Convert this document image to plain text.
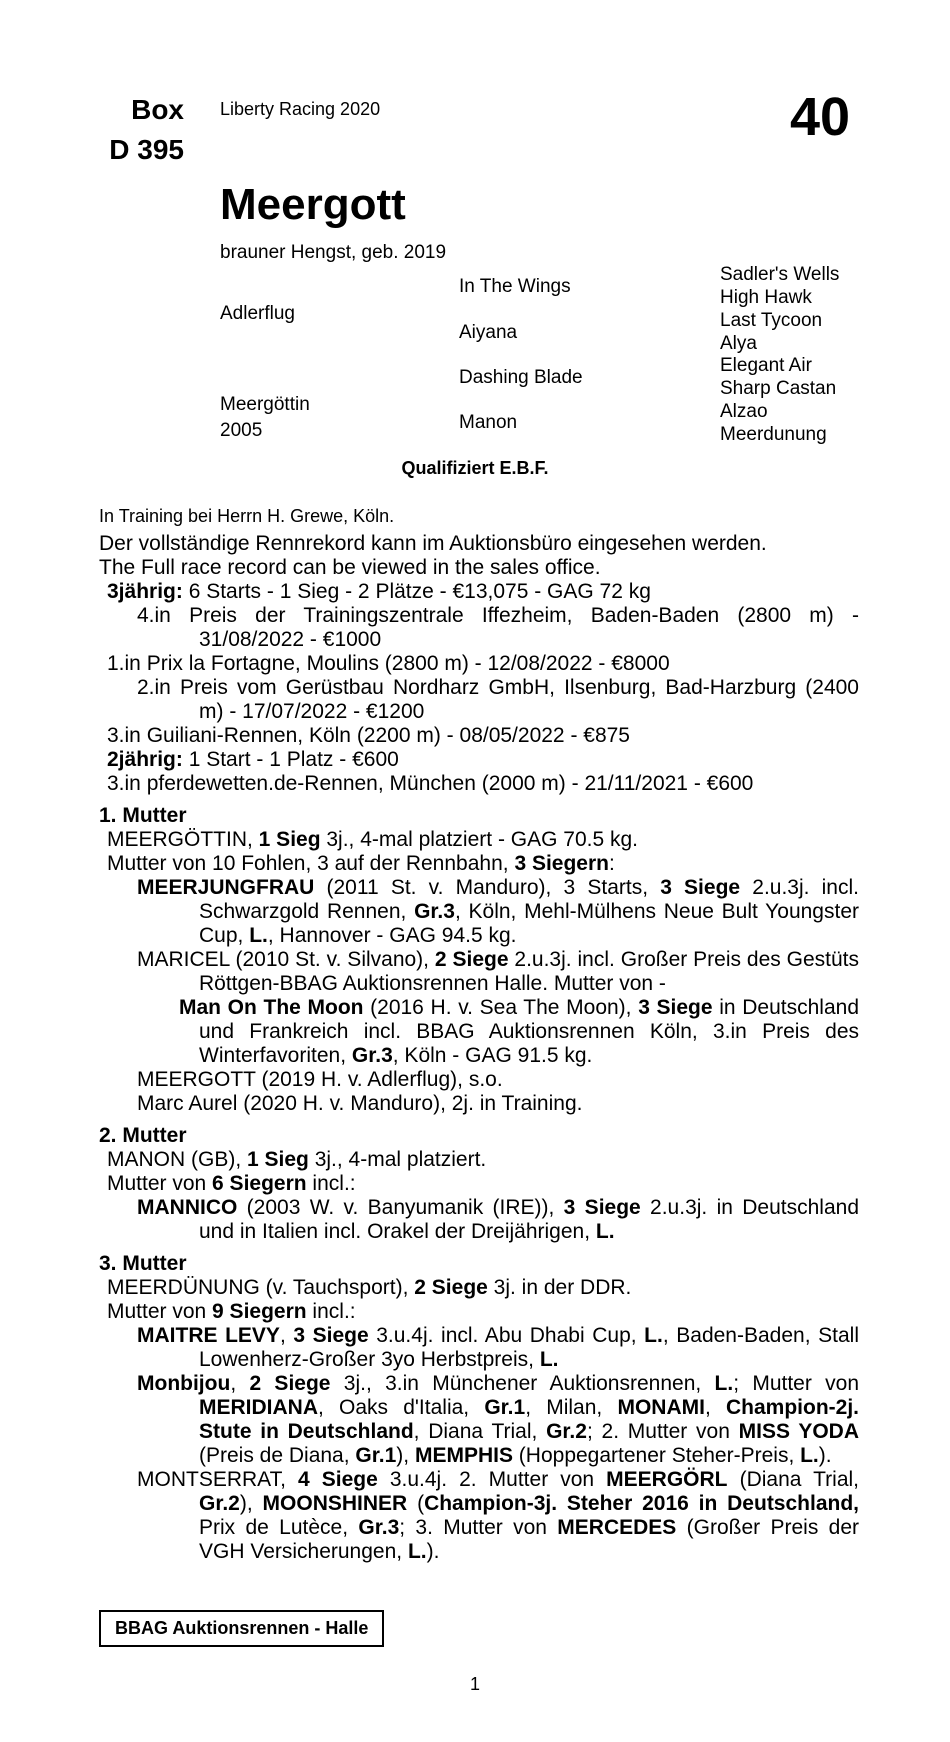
Box
D 395
Liberty Racing 2020	40
Meergott
brauner Hengst, geb. 2019
Adlerflug
Meergöttin
2005
In The Wings
Aiyana
Dashing Blade
Manon
Sadler's Wells
High Hawk
Last Tycoon
Alya
Elegant Air
Sharp Castan
Alzao
Meerdunung
Qualifiziert E.B.F.
In Training bei Herrn H. Grewe, Köln.

Der vollständige Rennrekord kann im Auktionsbüro eingesehen werden.

The Full race record can be viewed in the sales office.

3jährig: 6 Starts - 1 Sieg - 2 Plätze - €13,075 - GAG 72 kg

4.in Preis der Trainingszentrale Iffezheim, Baden-Baden (2800 m) - 31/08/2022 - €1000

1.in Prix la Fortagne, Moulins (2800 m) - 12/08/2022 - €8000

2.in Preis vom Gerüstbau Nordharz GmbH, Ilsenburg, Bad-Harzburg (2400 m) - 17/07/2022 - €1200

3.in Guiliani-Rennen, Köln (2200 m) - 08/05/2022 - €875

2jährig: 1 Start - 1 Platz - €600

3.in pferdewetten.de-Rennen, München (2000 m) - 21/11/2021 - €600

1. Mutter

MEERGÖTTIN, 1 Sieg 3j., 4-mal platziert - GAG 70.5 kg.

Mutter von 10 Fohlen, 3 auf der Rennbahn, 3 Siegern:

MEERJUNGFRAU (2011 St. v. Manduro), 3 Starts, 3 Siege 2.u.3j. incl. Schwarzgold Rennen, Gr.3, Köln, Mehl-Mülhens Neue Bult Youngster Cup, L., Hannover - GAG 94.5 kg.

MARICEL (2010 St. v. Silvano), 2 Siege 2.u.3j. incl. Großer Preis des Gestüts Röttgen-BBAG Auktionsrennen Halle. Mutter von -

Man On The Moon (2016 H. v. Sea The Moon), 3 Siege in Deutschland und Frankreich incl. BBAG Auktionsrennen Köln, 3.in Preis des Winterfavoriten, Gr.3, Köln - GAG 91.5 kg.

MEERGOTT (2019 H. v. Adlerflug), s.o.

Marc Aurel (2020 H. v. Manduro), 2j. in Training.

2. Mutter

MANON (GB), 1 Sieg 3j., 4-mal platziert.

Mutter von 6 Siegern incl.:

MANNICO (2003 W. v. Banyumanik (IRE)), 3 Siege 2.u.3j. in Deutschland und in Italien incl. Orakel der Dreijährigen, L.

3. Mutter

MEERDÜNUNG (v. Tauchsport), 2 Siege 3j. in der DDR.

Mutter von 9 Siegern incl.:

MAITRE LEVY, 3 Siege 3.u.4j. incl. Abu Dhabi Cup, L., Baden-Baden, Stall Lowenherz-Großer 3yo Herbstpreis, L.

Monbijou, 2 Siege 3j., 3.in Münchener Auktionsrennen, L.; Mutter von MERIDIANA, Oaks d'Italia, Gr.1, Milan, MONAMI, Champion-2j. Stute in Deutschland, Diana Trial, Gr.2; 2. Mutter von MISS YODA (Preis de Diana, Gr.1), MEMPHIS (Hoppegartener Steher-Preis, L.).

MONTSERRAT, 4 Siege 3.u.4j. 2. Mutter von MEERGÖRL (Diana Trial, Gr.2), MOONSHINER (Champion-3j. Steher 2016 in Deutschland, Prix de Lutèce, Gr.3; 3. Mutter von MERCEDES (Großer Preis der VGH Versicherungen, L.).

BBAG Auktionsrennen - Halle
1
